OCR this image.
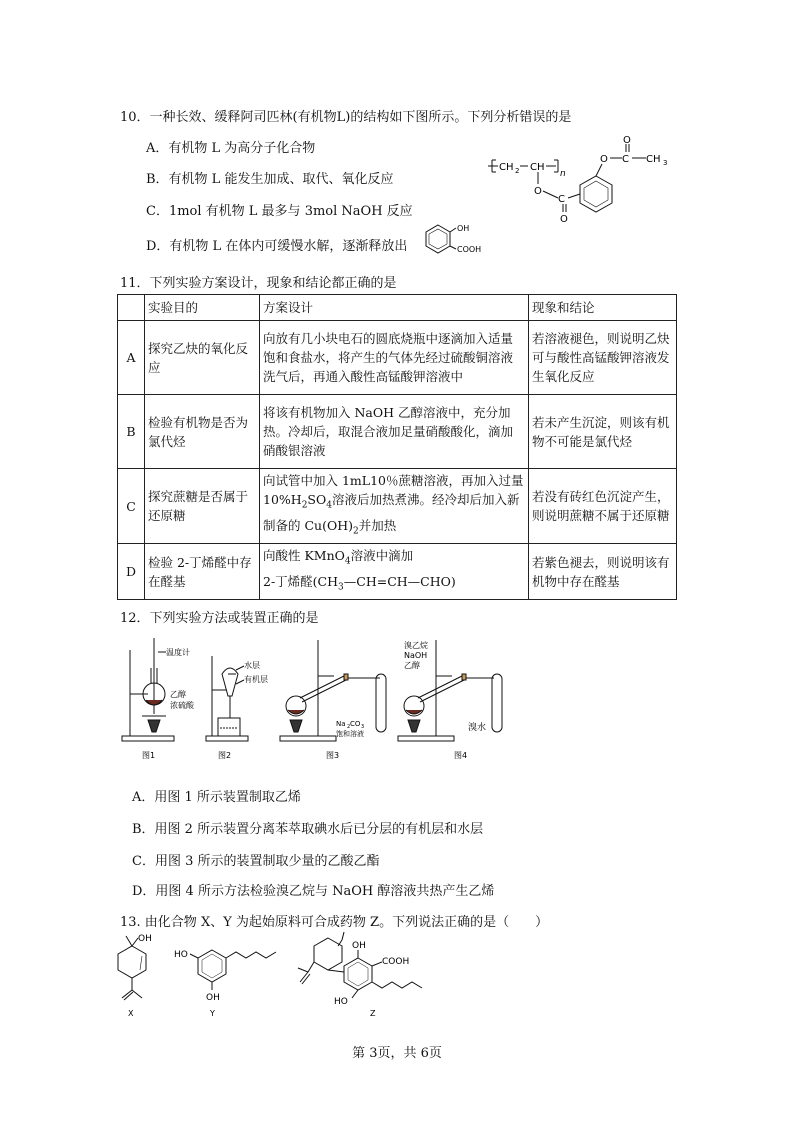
10．一种长效、缓释阿司匹林(有机物L)的结构如下图所示。下列分析错误的是
A．有机物 L 为高分子化合物
B．有机物 L 能发生加成、取代、氧化反应
C．1mol 有机物 L 最多与 3mol NaOH 反应
D．有机物 L 在体内可缓慢水解，逐渐释放出
OH
COOH
CH 2 CH
n
O
C
O
O C
O
CH 3
11．下列实验方案设计，现象和结论都正确的是
	实验目的	方案设计	现象和结论
A	探究乙炔的氧化反应	向放有几小块电石的圆底烧瓶中逐滴加入适量饱和食盐水，将产生的气体先经过硫酸铜溶液洗气后，再通入酸性高锰酸钾溶液中	若溶液褪色，则说明乙炔可与酸性高锰酸钾溶液发生氧化反应
B	检验有机物是否为氯代烃	将该有机物加入 NaOH 乙醇溶液中，充分加热。冷却后，取混合液加足量硝酸酸化，滴加硝酸银溶液	若未产生沉淀，则该有机物不可能是氯代烃
C	探究蔗糖是否属于还原糖	向试管中加入 1mL10％蔗糖溶液，再加入过量 $10\%H_2SO_4$溶液后加热煮沸。经冷却后加入新制备的 $Cu(OH)_2$并加热	若没有砖红色沉淀产生，则说明蔗糖不属于还原糖
D	检验 2-丁烯醛中存在醛基	向酸性 KMnO$_4$溶液中滴加
2-丁烯醛$(CH_3—CH=CH—CHO)$	若紫色褪去，则说明该有机物中存在醛基
12．下列实验方法或装置正确的是
温度计
乙醇
浓硫酸
图1
水层
有机层
图2
Na 2 CO 3
饱和溶液
图3
溴乙烷
NaOH
乙醇
溴水
图4
A．用图 1 所示装置制取乙烯
B．用图 2 所示装置分离苯萃取碘水后已分层的有机层和水层
C．用图 3 所示的装置制取少量的乙酸乙酯
D．用图 4 所示方法检验溴乙烷与 NaOH 醇溶液共热产生乙烯
13. 由化合物 X、Y 为起始原料可合成药物 Z。下列说法正确的是（　　）
OH
X
HO
OH
Y
OH
COOH
HO
Z
第 3页，共 6页
